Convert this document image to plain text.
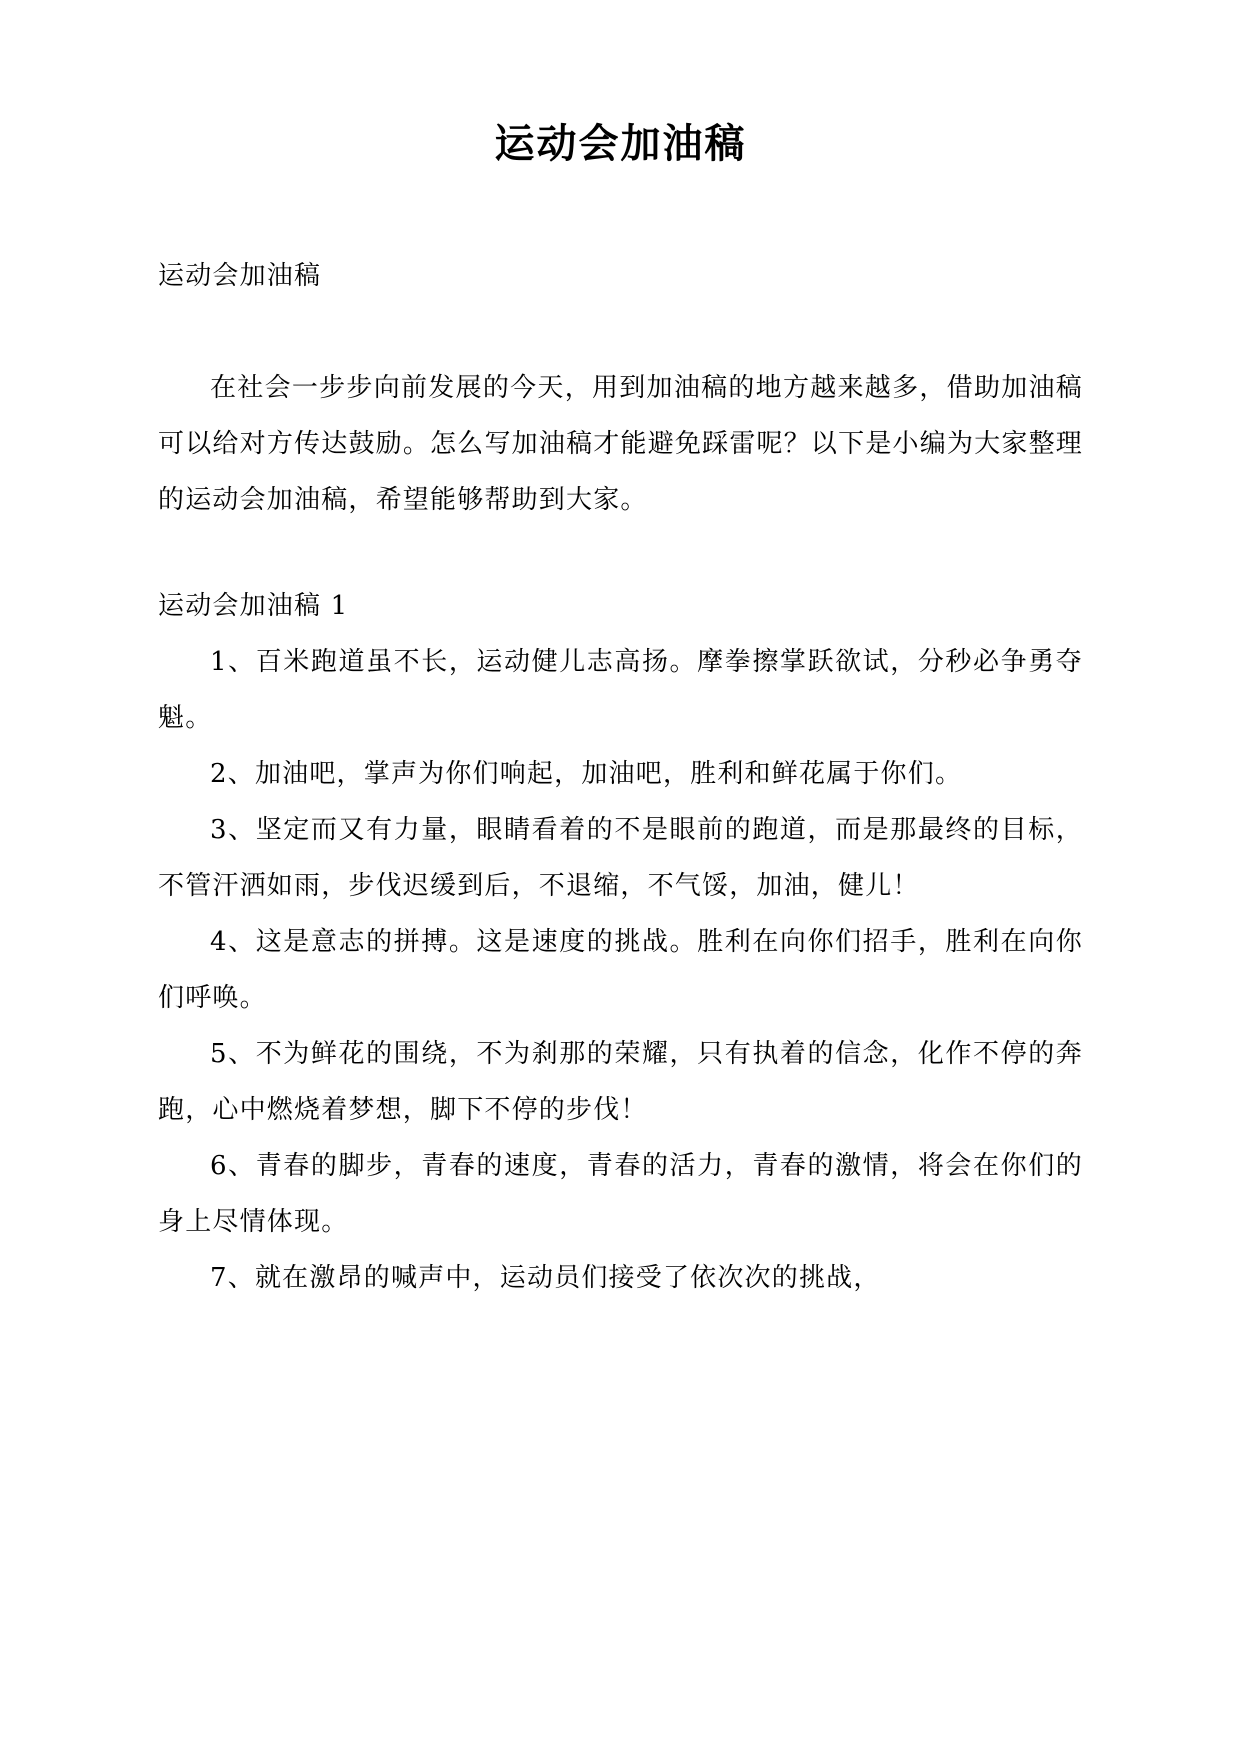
运动会加油稿

运动会加油稿

在社会一步步向前发展的今天，用到加油稿的地方越来越多，借助加油稿可以给对方传达鼓励。怎么写加油稿才能避免踩雷呢？以下是小编为大家整理的运动会加油稿，希望能够帮助到大家。

运动会加油稿 1

1、百米跑道虽不长，运动健儿志高扬。摩拳擦掌跃欲试，分秒必争勇夺魁。

2、加油吧，掌声为你们响起，加油吧，胜利和鲜花属于你们。

3、坚定而又有力量，眼睛看着的不是眼前的跑道，而是那最终的目标，不管汗洒如雨，步伐迟缓到后，不退缩，不气馁，加油，健儿！

4、这是意志的拼搏。这是速度的挑战。胜利在向你们招手，胜利在向你们呼唤。

5、不为鲜花的围绕，不为刹那的荣耀，只有执着的信念，化作不停的奔跑，心中燃烧着梦想，脚下不停的步伐！

6、青春的脚步，青春的速度，青春的活力，青春的激情，将会在你们的身上尽情体现。

7、就在激昂的喊声中，运动员们接受了依次次的挑战，
